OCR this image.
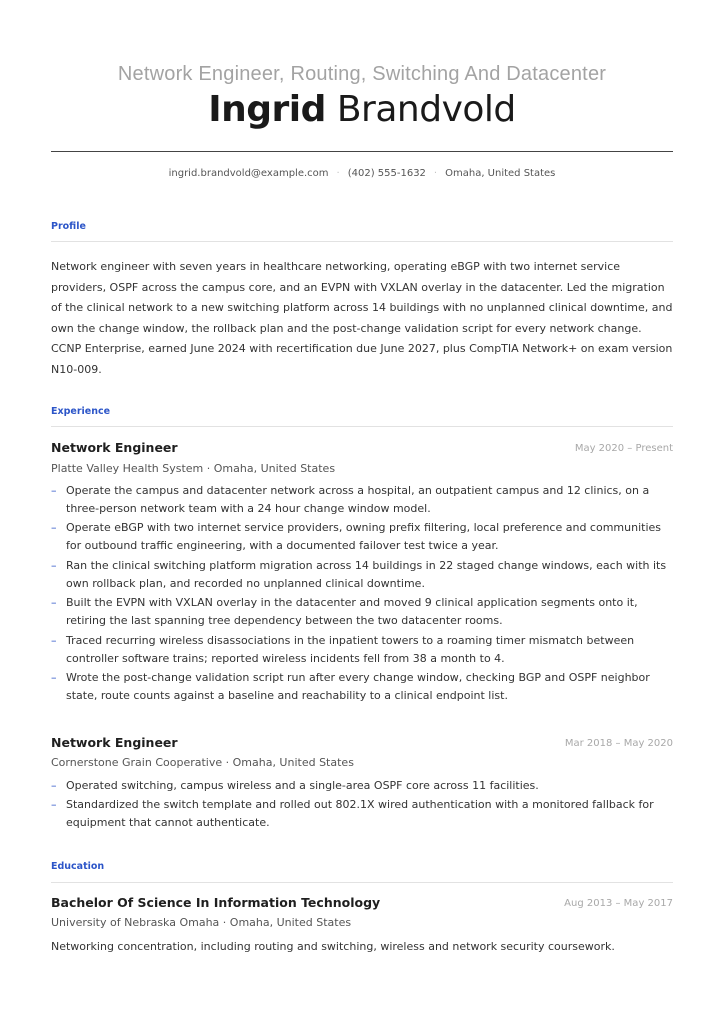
Network Engineer, Routing, Switching And Datacenter
Ingrid Brandvold
ingrid.brandvold@example.com · (402) 555-1632 · Omaha, United States
Profile
Network engineer with seven years in healthcare networking, operating eBGP with two internet service providers, OSPF across the campus core, and an EVPN with VXLAN overlay in the datacenter. Led the migration of the clinical network to a new switching platform across 14 buildings with no unplanned clinical downtime, and own the change window, the rollback plan and the post-change validation script for every network change. CCNP Enterprise, earned June 2024 with recertification due June 2027, plus CompTIA Network+ on exam version N10-009.
Experience
Network Engineer	May 2020 – Present
Platte Valley Health System · Omaha, United States
– Operate the campus and datacenter network across a hospital, an outpatient campus and 12 clinics, on a three-person network team with a 24 hour change window model.
– Operate eBGP with two internet service providers, owning prefix filtering, local preference and communities for outbound traffic engineering, with a documented failover test twice a year.
– Ran the clinical switching platform migration across 14 buildings in 22 staged change windows, each with its own rollback plan, and recorded no unplanned clinical downtime.
– Built the EVPN with VXLAN overlay in the datacenter and moved 9 clinical application segments onto it, retiring the last spanning tree dependency between the two datacenter rooms.
– Traced recurring wireless disassociations in the inpatient towers to a roaming timer mismatch between controller software trains; reported wireless incidents fell from 38 a month to 4.
– Wrote the post-change validation script run after every change window, checking BGP and OSPF neighbor state, route counts against a baseline and reachability to a clinical endpoint list.
Network Engineer	Mar 2018 – May 2020
Cornerstone Grain Cooperative · Omaha, United States
– Operated switching, campus wireless and a single-area OSPF core across 11 facilities.
– Standardized the switch template and rolled out 802.1X wired authentication with a monitored fallback for equipment that cannot authenticate.
Education
Bachelor Of Science In Information Technology	Aug 2013 – May 2017
University of Nebraska Omaha · Omaha, United States
Networking concentration, including routing and switching, wireless and network security coursework.
